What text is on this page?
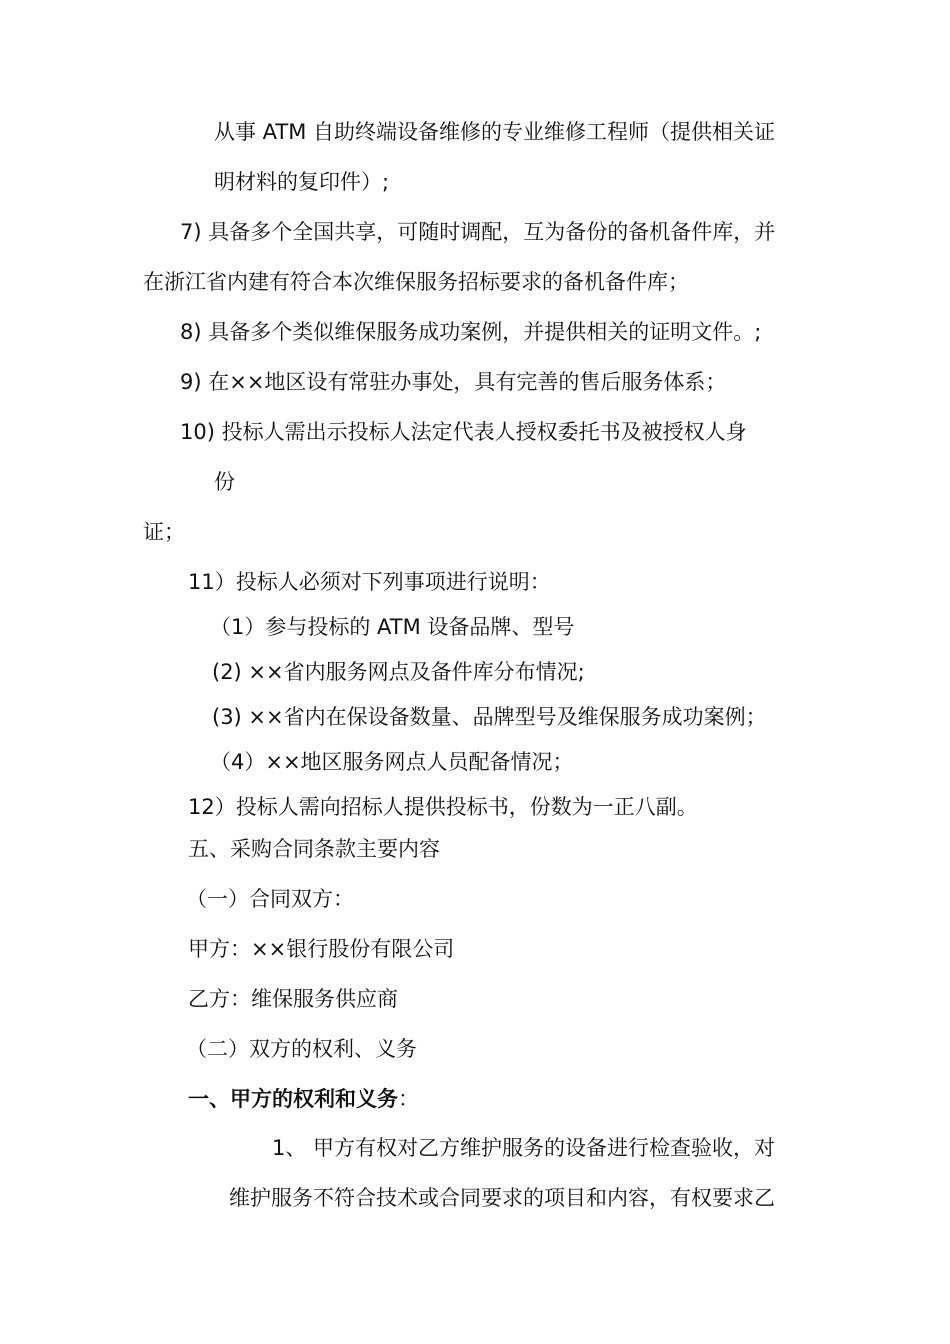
从事 ATM 自助终端设备维修的专业维修工程师（提供相关证
明材料的复印件）;
7) 具备多个全国共享，可随时调配，互为备份的备机备件库，并
在浙江省内建有符合本次维保服务招标要求的备机备件库；
8) 具备多个类似维保服务成功案例，并提供相关的证明文件。;
9) 在××地区设有常驻办事处，具有完善的售后服务体系；
10) 投标人需出示投标人法定代表人授权委托书及被授权人身
份
证；
11）投标人必须对下列事项进行说明：
（1）参与投标的 ATM 设备品牌、型号
(2) ××省内服务网点及备件库分布情况;
(3) ××省内在保设备数量、品牌型号及维保服务成功案例；
（4）××地区服务网点人员配备情况；
12）投标人需向招标人提供投标书，份数为一正八副。
五、采购合同条款主要内容
（一）合同双方：
甲方：××银行股份有限公司
乙方：维保服务供应商
（二）双方的权利、义务
一、甲方的权利和义务：
1、 甲方有权对乙方维护服务的设备进行检查验收，对
维护服务不符合技术或合同要求的项目和内容，有权要求乙
